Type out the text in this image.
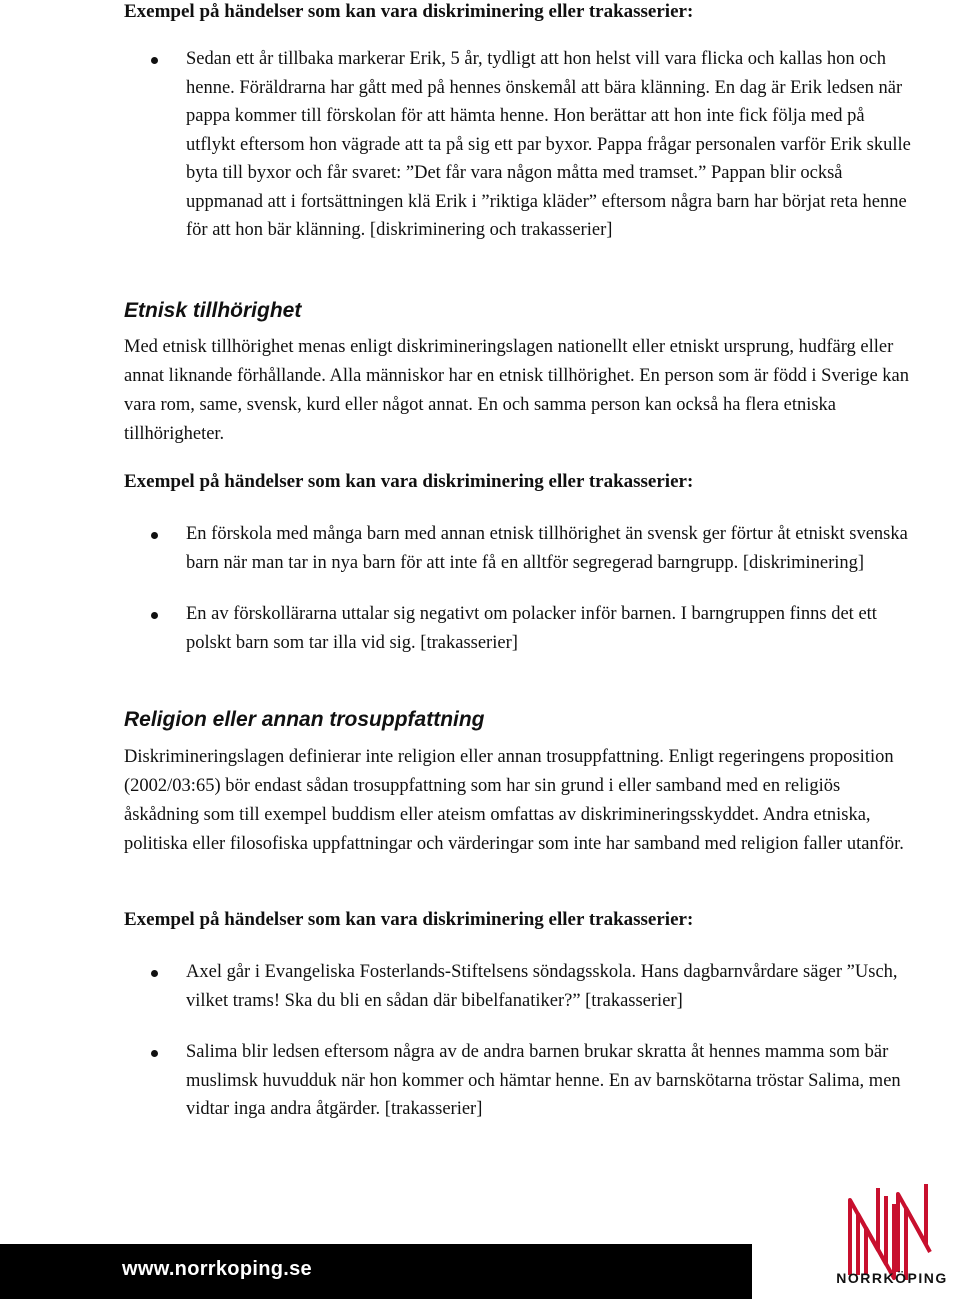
Exempel på händelser som kan vara diskriminering eller trakasserier:

Sedan ett år tillbaka markerar Erik, 5 år, tydligt att hon helst vill vara flicka och kallas hon och henne. Föräldrarna har gått med på hennes önskemål att bära klänning. En dag är Erik ledsen när pappa kommer till förskolan för att hämta henne. Hon berättar att hon inte fick följa med på utflykt eftersom hon vägrade att ta på sig ett par byxor. Pappa frågar personalen varför Erik skulle byta till byxor och får svaret: ”Det får vara någon måtta med tramset.” Pappan blir också uppmanad att i fortsättningen klä Erik i ”riktiga kläder” eftersom några barn har börjat reta henne för att hon bär klänning. [diskriminering och trakasserier]
Etnisk tillhörighet

Med etnisk tillhörighet menas enligt diskrimineringslagen nationellt eller etniskt ursprung, hudfärg eller annat liknande förhållande. Alla människor har en etnisk tillhörighet. En person som är född i Sverige kan vara rom, same, svensk, kurd eller något annat. En och samma person kan också ha flera etniska tillhörigheter.

Exempel på händelser som kan vara diskriminering eller trakasserier:

En förskola med många barn med annan etnisk tillhörighet än svensk ger förtur åt etniskt svenska barn när man tar in nya barn för att inte få en alltför segregerad barngrupp. [diskriminering]
En av förskollärarna uttalar sig negativt om polacker inför barnen. I barngruppen finns det ett polskt barn som tar illa vid sig. [trakasserier]
Religion eller annan trosuppfattning

Diskrimineringslagen definierar inte religion eller annan trosuppfattning. Enligt regeringens proposition (2002/03:65) bör endast sådan trosuppfattning som har sin grund i eller samband med en religiös åskådning som till exempel buddism eller ateism omfattas av diskrimineringsskyddet. Andra etniska, politiska eller filosofiska uppfattningar och värderingar som inte har samband med religion faller utanför.

Exempel på händelser som kan vara diskriminering eller trakasserier:

Axel går i Evangeliska Fosterlands-Stiftelsens söndagsskola. Hans dagbarnvårdare säger ”Usch, vilket trams! Ska du bli en sådan där bibelfanatiker?” [trakasserier]
Salima blir ledsen eftersom några av de andra barnen brukar skratta åt hennes mamma som bär muslimsk huvudduk när hon kommer och hämtar henne. En av barnskötarna tröstar Salima, men vidtar inga andra åtgärder. [trakasserier]
www.norrkoping.se	NORRKÖPING
